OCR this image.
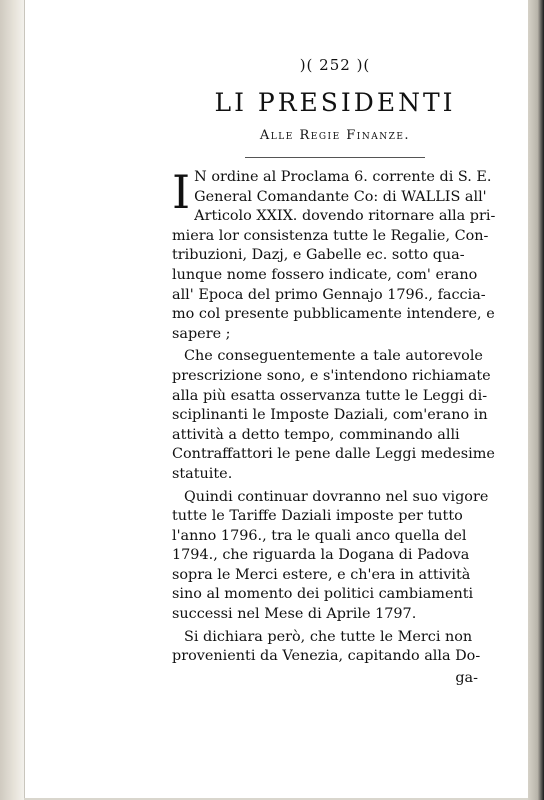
)( 252 )(
LI PRESIDENTI
Alle Regie Finanze.
I N ordine al Proclama 6. corrente di S. E.
General Comandante Co: di WALLIS all'
Articolo XXIX. dovendo ritornare alla pri-
miera lor consistenza tutte le Regalie, Con-
tribuzioni, Dazj, e Gabelle ec. sotto qua-
lunque nome fossero indicate, com' erano
all' Epoca del primo Gennajo 1796., faccia-
mo col presente pubblicamente intendere, e
sapere ;
Che conseguentemente a tale autorevole
prescrizione sono, e s'intendono richiamate
alla più esatta osservanza tutte le Leggi di-
sciplinanti le Imposte Daziali, com'erano in
attività a detto tempo, comminando alli
Contraffattori le pene dalle Leggi medesime
statuite.
Quindi continuar dovranno nel suo vigore
tutte le Tariffe Daziali imposte per tutto
l'anno 1796., tra le quali anco quella del
1794., che riguarda la Dogana di Padova
sopra le Merci estere, e ch'era in attività
sino al momento dei politici cambiamenti
successi nel Mese di Aprile 1797.
Si dichiara però, che tutte le Merci non
provenienti da Venezia, capitando alla Do-
ga-
